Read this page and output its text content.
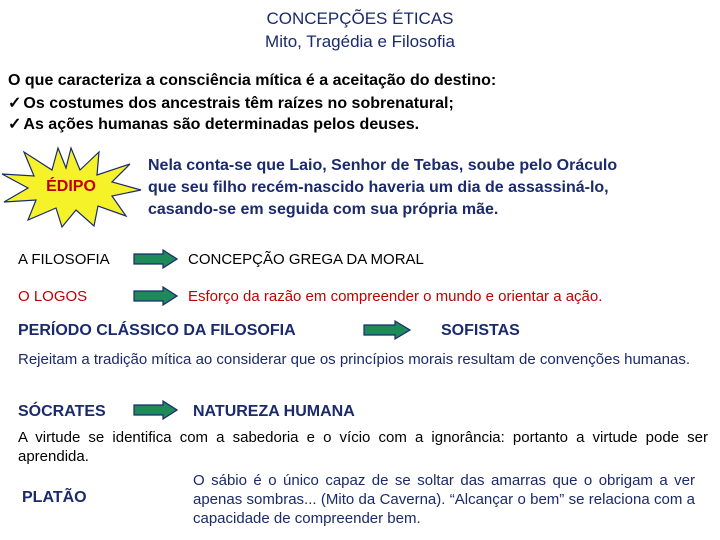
CONCEPÇÕES ÉTICAS
Mito, Tragédia e Filosofia
O que caracteriza a consciência mítica é a aceitação do destino:
✓ Os costumes dos ancestrais têm raízes no sobrenatural;
✓ As ações humanas são determinadas pelos deuses.
ÉDIPO
Nela conta-se que Laio, Senhor de Tebas, soube pelo Oráculo
que seu filho recém-nascido haveria um dia de assassiná-lo,
casando-se em seguida com sua própria mãe.
A FILOSOFIA	CONCEPÇÃO GREGA DA MORAL
O LOGOS	Esforço da razão em compreender o mundo e orientar a ação.
PERÍODO CLÁSSICO DA FILOSOFIA	SOFISTAS
Rejeitam a tradição mítica ao considerar que os princípios morais resultam de convenções humanas.
SÓCRATES	NATUREZA HUMANA
A virtude se identifica com a sabedoria e o vício com a ignorância: portanto a virtude pode ser aprendida.
PLATÃO
O sábio é o único capaz de se soltar das amarras que o obrigam a ver apenas sombras... (Mito da Caverna). “Alcançar o bem” se relaciona com a capacidade de compreender bem.
